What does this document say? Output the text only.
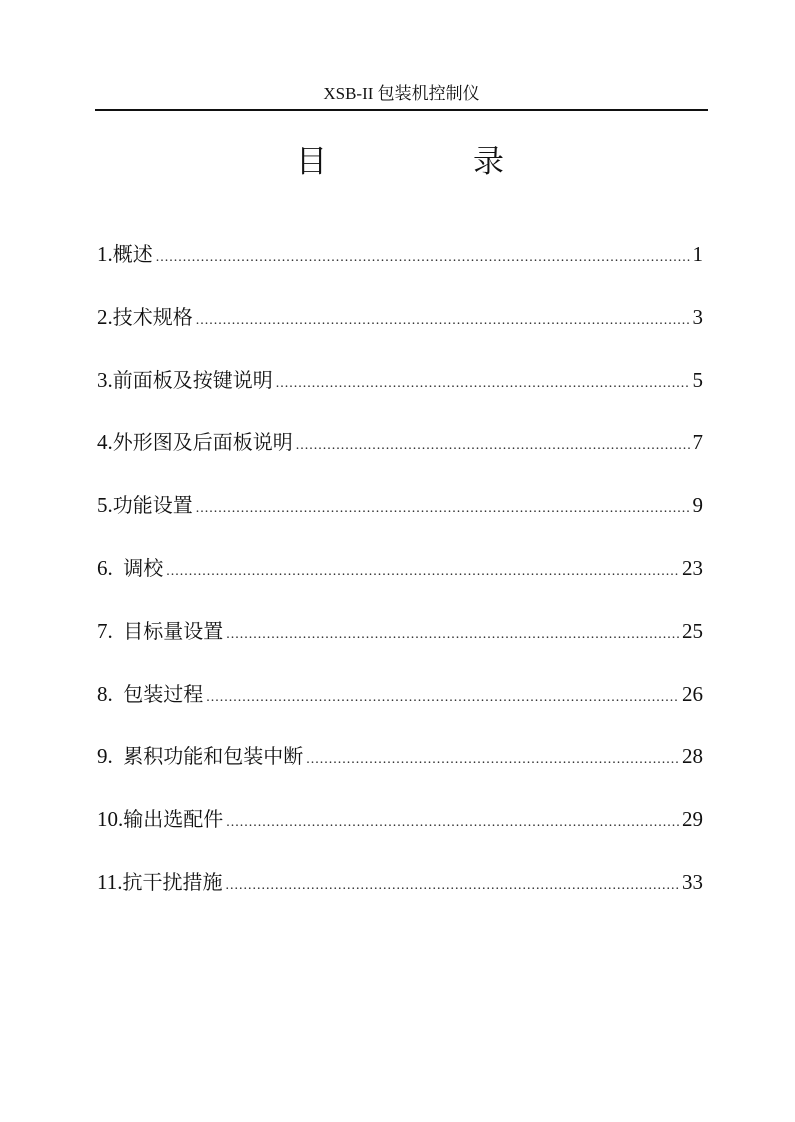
XSB-II 包装机控制仪
目	录
1. 概述 .....	1
2. 技术规格 .....	3
3. 前面板及按键说明 .....	5
4. 外形图及后面板说明 .....	7
5. 功能设置 .....	9
6. 调校 .....	23
7. 目标量设置 .....	25
8. 包装过程 .....	26
9. 累积功能和包装中断 .....	28
10. 输出选配件 .....	29
11. 抗干扰措施 .....	33
